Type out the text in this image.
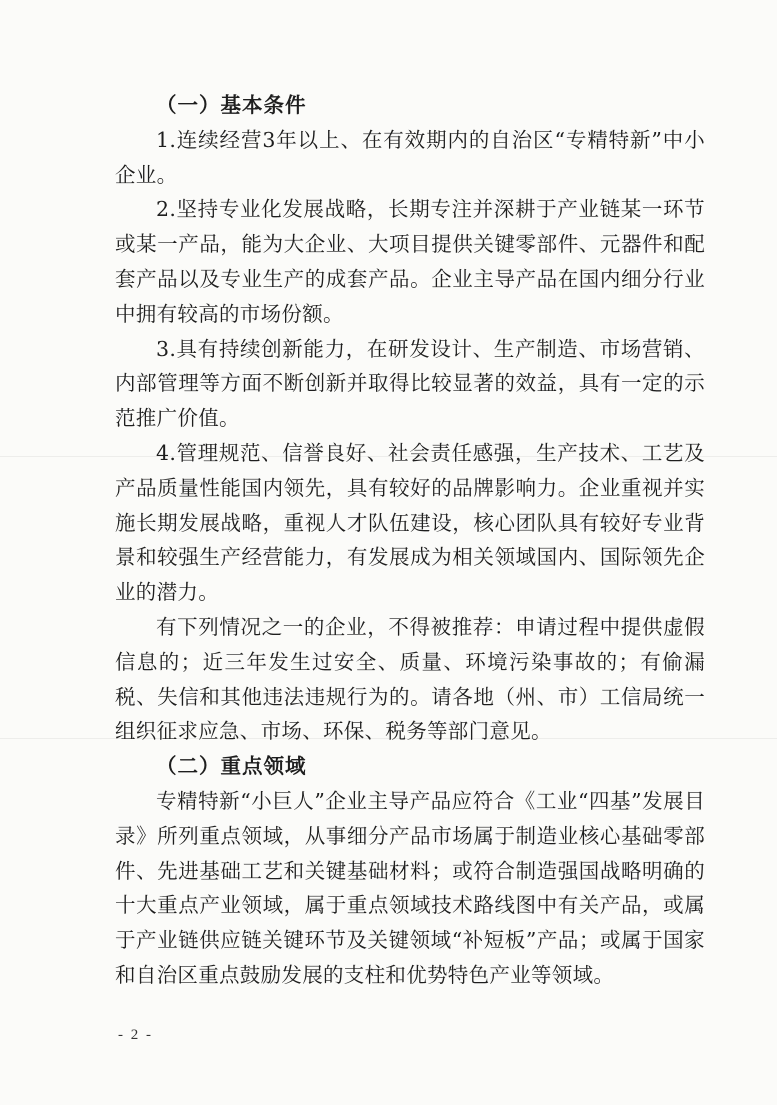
（一）基本条件

1.连续经营3年以上、在有效期内的自治区“专精特新”中小企业。

2.坚持专业化发展战略，长期专注并深耕于产业链某一环节或某一产品，能为大企业、大项目提供关键零部件、元器件和配套产品以及专业生产的成套产品。企业主导产品在国内细分行业中拥有较高的市场份额。

3.具有持续创新能力，在研发设计、生产制造、市场营销、内部管理等方面不断创新并取得比较显著的效益，具有一定的示范推广价值。

4.管理规范、信誉良好、社会责任感强，生产技术、工艺及产品质量性能国内领先，具有较好的品牌影响力。企业重视并实施长期发展战略，重视人才队伍建设，核心团队具有较好专业背景和较强生产经营能力，有发展成为相关领域国内、国际领先企业的潜力。

有下列情况之一的企业，不得被推荐：申请过程中提供虚假信息的；近三年发生过安全、质量、环境污染事故的；有偷漏税、失信和其他违法违规行为的。请各地（州、市）工信局统一组织征求应急、市场、环保、税务等部门意见。

（二）重点领域

专精特新“小巨人”企业主导产品应符合《工业“四基”发展目录》所列重点领域，从事细分产品市场属于制造业核心基础零部件、先进基础工艺和关键基础材料；或符合制造强国战略明确的十大重点产业领域，属于重点领域技术路线图中有关产品，或属于产业链供应链关键环节及关键领域“补短板”产品；或属于国家和自治区重点鼓励发展的支柱和优势特色产业等领域。

- 2 -
